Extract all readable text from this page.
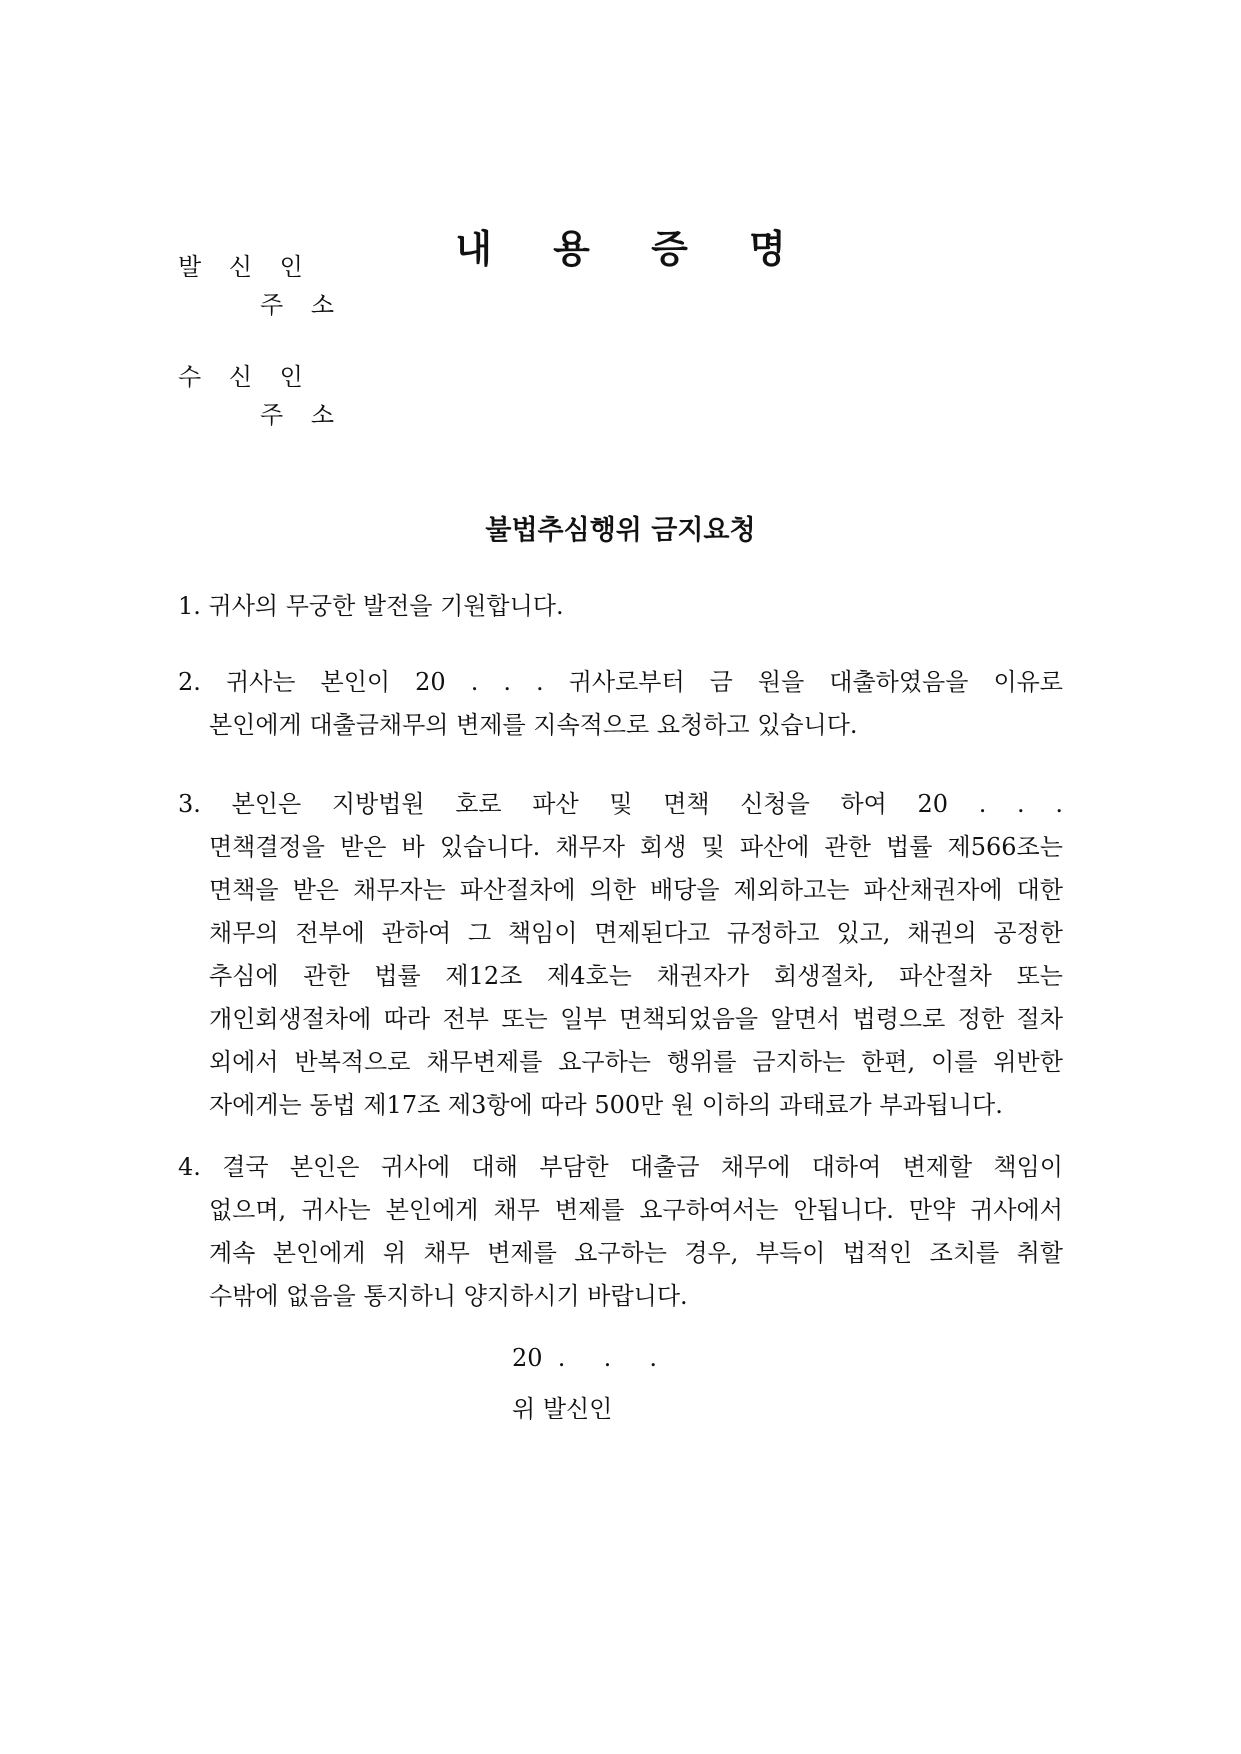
내 용 증 명
발 신 인
주 소
수 신 인
주 소
불법추심행위 금지요청
1. 귀사의 무궁한 발전을 기원합니다.
2. 귀사는 본인이 20 . . . 귀사로부터 금 원을 대출하였음을 이유로
본인에게 대출금채무의 변제를 지속적으로 요청하고 있습니다.
3. 본인은 지방법원 호로 파산 및 면책 신청을 하여 20 . . .
면책결정을 받은 바 있습니다. 채무자 회생 및 파산에 관한 법률 제566조는
면책을 받은 채무자는 파산절차에 의한 배당을 제외하고는 파산채권자에 대한
채무의 전부에 관하여 그 책임이 면제된다고 규정하고 있고, 채권의 공정한
추심에 관한 법률 제12조 제4호는 채권자가 회생절차, 파산절차 또는
개인회생절차에 따라 전부 또는 일부 면책되었음을 알면서 법령으로 정한 절차
외에서 반복적으로 채무변제를 요구하는 행위를 금지하는 한편, 이를 위반한
자에게는 동법 제17조 제3항에 따라 500만 원 이하의 과태료가 부과됩니다.
4. 결국 본인은 귀사에 대해 부담한 대출금 채무에 대하여 변제할 책임이
없으며, 귀사는 본인에게 채무 변제를 요구하여서는 안됩니다. 만약 귀사에서
계속 본인에게 위 채무 변제를 요구하는 경우, 부득이 법적인 조치를 취할
수밖에 없음을 통지하니 양지하시기 바랍니다.
20  .     .     .
위 발신인
